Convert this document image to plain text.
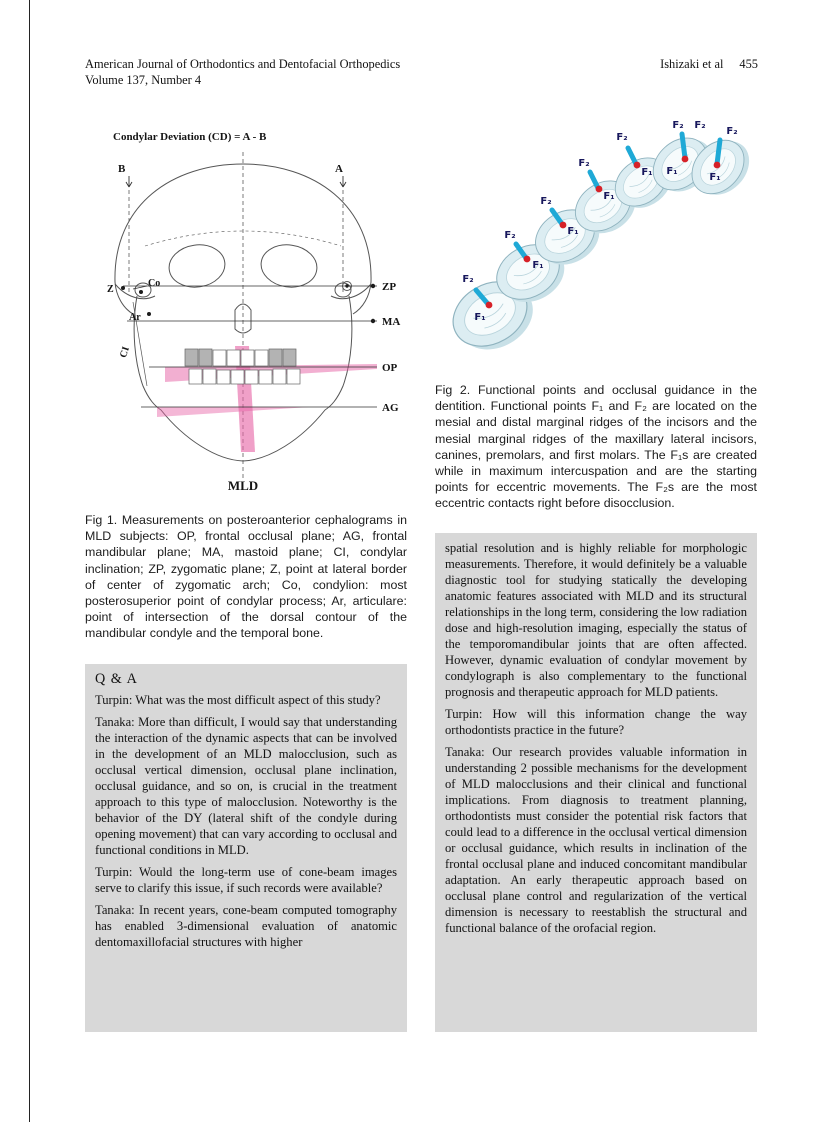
American Journal of Orthodontics and Dentofacial Orthopedics
Volume 137, Number 4
Ishizaki et al 455
Condylar Deviation (CD) = A - B
B	A
Z
Co
Ar
CI
ZP
MA
OP
AG
MLD
Fig 1. Measurements on posteroanterior cephalograms in MLD subjects: OP, frontal occlusal plane; AG, frontal mandibular plane; MA, mastoid plane; CI, condylar inclination; ZP, zygomatic plane; Z, point at lateral border of center of zygomatic arch; Co, condylion: most posterosuperior point of condylar process; Ar, articulare: point of intersection of the dorsal contour of the mandibular condyle and the temporal bone.
F₂
F₂
F₂
F₂
F₂
F₂ F₂
F₂
F₁
F₁
F₁
F₁
F₁ F₁
F₁
Fig 2. Functional points and occlusal guidance in the dentition. Functional points F₁ and F₂ are located on the mesial and distal marginal ridges of the incisors and the mesial marginal ridges of the maxillary lateral incisors, canines, premolars, and first molars. The F₁s are created while in maximum intercuspation and are the starting points for eccentric movements. The F₂s are the most eccentric contacts right before disocclusion.
Q & A

Turpin: What was the most difficult aspect of this study?

Tanaka: More than difficult, I would say that understanding the interaction of the dynamic aspects that can be involved in the development of an MLD malocclusion, such as occlusal vertical dimension, occlusal plane inclination, occlusal guidance, and so on, is crucial in the treatment approach to this type of malocclusion. Noteworthy is the behavior of the DY (lateral shift of the condyle during opening movement) that can vary according to occlusal and functional conditions in MLD.

Turpin: Would the long-term use of cone-beam images serve to clarify this issue, if such records were available?

Tanaka: In recent years, cone-beam computed tomography has enabled 3-dimensional evaluation of anatomic dentomaxillofacial structures with higher

spatial resolution and is highly reliable for morphologic measurements. Therefore, it would definitely be a valuable diagnostic tool for studying statically the developing anatomic features associated with MLD and its structural relationships in the long term, considering the low radiation dose and high-resolution imaging, especially the status of the temporomandibular joints that are often affected. However, dynamic evaluation of condylar movement by condylograph is also complementary to the functional prognosis and therapeutic approach for MLD patients.

Turpin: How will this information change the way orthodontists practice in the future?

Tanaka: Our research provides valuable information in understanding 2 possible mechanisms for the development of MLD malocclusions and their clinical and functional implications. From diagnosis to treatment planning, orthodontists must consider the potential risk factors that could lead to a difference in the occlusal vertical dimension or occlusal guidance, which results in inclination of the frontal occlusal plane and induced concomitant mandibular adaptation. An early therapeutic approach based on occlusal plane control and regularization of the vertical dimension is necessary to reestablish the structural and functional balance of the orofacial region.
